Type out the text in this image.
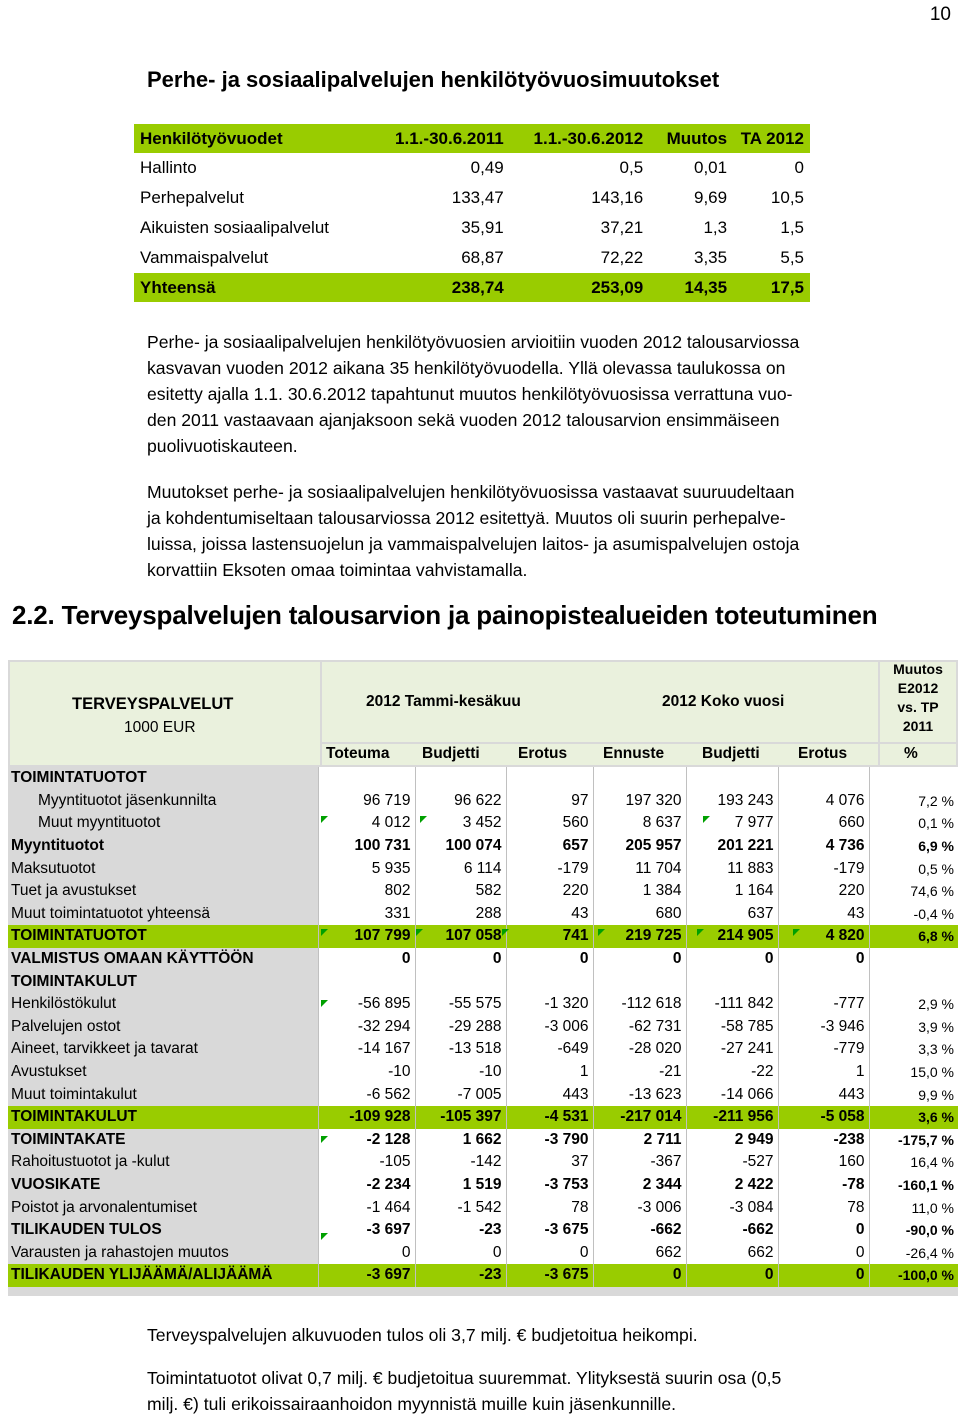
10
Perhe- ja sosiaalipalvelujen henkilötyövuosimuutokset
Henkilötyövuodet	1.1.-30.6.2011	1.1.-30.6.2012	Muutos	TA 2012
Hallinto	0,49	0,5	0,01	0
Perhepalvelut	133,47	143,16	9,69	10,5
Aikuisten sosiaalipalvelut	35,91	37,21	1,3	1,5
Vammaispalvelut	68,87	72,22	3,35	5,5
Yhteensä	238,74	253,09	14,35	17,5
Perhe- ja sosiaalipalvelujen henkilötyövuosien arvioitiin vuoden 2012 talousarviossa
kasvavan vuoden 2012 aikana 35 henkilötyövuodella. Yllä olevassa taulukossa on
esitetty ajalla 1.1. 30.6.2012 tapahtunut muutos henkilötyövuosissa verrattuna vuo-
den 2011 vastaavaan ajanjaksoon sekä vuoden 2012 talousarvion ensimmäiseen
puolivuotiskauteen.
Muutokset perhe- ja sosiaalipalvelujen henkilötyövuosissa vastaavat suuruudeltaan
ja kohdentumiseltaan talousarviossa 2012 esitettyä. Muutos oli suurin perhepalve-
luissa, joissa lastensuojelun ja vammaispalvelujen laitos- ja asumispalvelujen ostoja
korvattiin Eksoten omaa toimintaa vahvistamalla.
2.2. Terveyspalvelujen talousarvion ja painopistealueiden toteutuminen
TERVEYSPALVELUT
1000 EUR
2012 Tammi-kesäkuu	2012 Koko vuosi
Muutos
E2012
vs. TP
2011
Toteuma Budjetti Erotus Ennuste Budjetti Erotus	%
TOIMINTATUOTOT							
Myyntituotot jäsenkunnilta	96 719	96 622	97	197 320	193 243	4 076	7,2 %
Muut myyntituotot	4 012	3 452	560	8 637	7 977	660	0,1 %
Myyntituotot	100 731	100 074	657	205 957	201 221	4 736	6,9 %
Maksutuotot	5 935	6 114	-179	11 704	11 883	-179	0,5 %
Tuet ja avustukset	802	582	220	1 384	1 164	220	74,6 %
Muut toimintatuotot yhteensä	331	288	43	680	637	43	-0,4 %
TOIMINTATUOTOT	107 799	107 058	741	219 725	214 905	4 820	6,8 %
VALMISTUS OMAAN KÄYTTÖÖN	0	0	0	0	0	0	
TOIMINTAKULUT							
Henkilöstökulut	-56 895	-55 575	-1 320	-112 618	-111 842	-777	2,9 %
Palvelujen ostot	-32 294	-29 288	-3 006	-62 731	-58 785	-3 946	3,9 %
Aineet, tarvikkeet ja tavarat	-14 167	-13 518	-649	-28 020	-27 241	-779	3,3 %
Avustukset	-10	-10	1	-21	-22	1	15,0 %
Muut toimintakulut	-6 562	-7 005	443	-13 623	-14 066	443	9,9 %
TOIMINTAKULUT	-109 928	-105 397	-4 531	-217 014	-211 956	-5 058	3,6 %
TOIMINTAKATE	-2 128	1 662	-3 790	2 711	2 949	-238	-175,7 %
Rahoitustuotot ja -kulut	-105	-142	37	-367	-527	160	16,4 %
VUOSIKATE	-2 234	1 519	-3 753	2 344	2 422	-78	-160,1 %
Poistot ja arvonalentumiset	-1 464	-1 542	78	-3 006	-3 084	78	11,0 %
TILIKAUDEN TULOS	-3 697	-23	-3 675	-662	-662	0	-90,0 %
Varausten ja rahastojen muutos	0	0	0	662	662	0	-26,4 %
TILIKAUDEN YLIJÄÄMÄ/ALIJÄÄMÄ	-3 697	-23	-3 675	0	0	0	-100,0 %
Terveyspalvelujen alkuvuoden tulos oli 3,7 milj. € budjetoitua heikompi.
Toimintatuotot olivat 0,7 milj. € budjetoitua suuremmat. Ylityksestä suurin osa (0,5
milj. €) tuli erikoissairaanhoidon myynnistä muille kuin jäsenkunnille.
